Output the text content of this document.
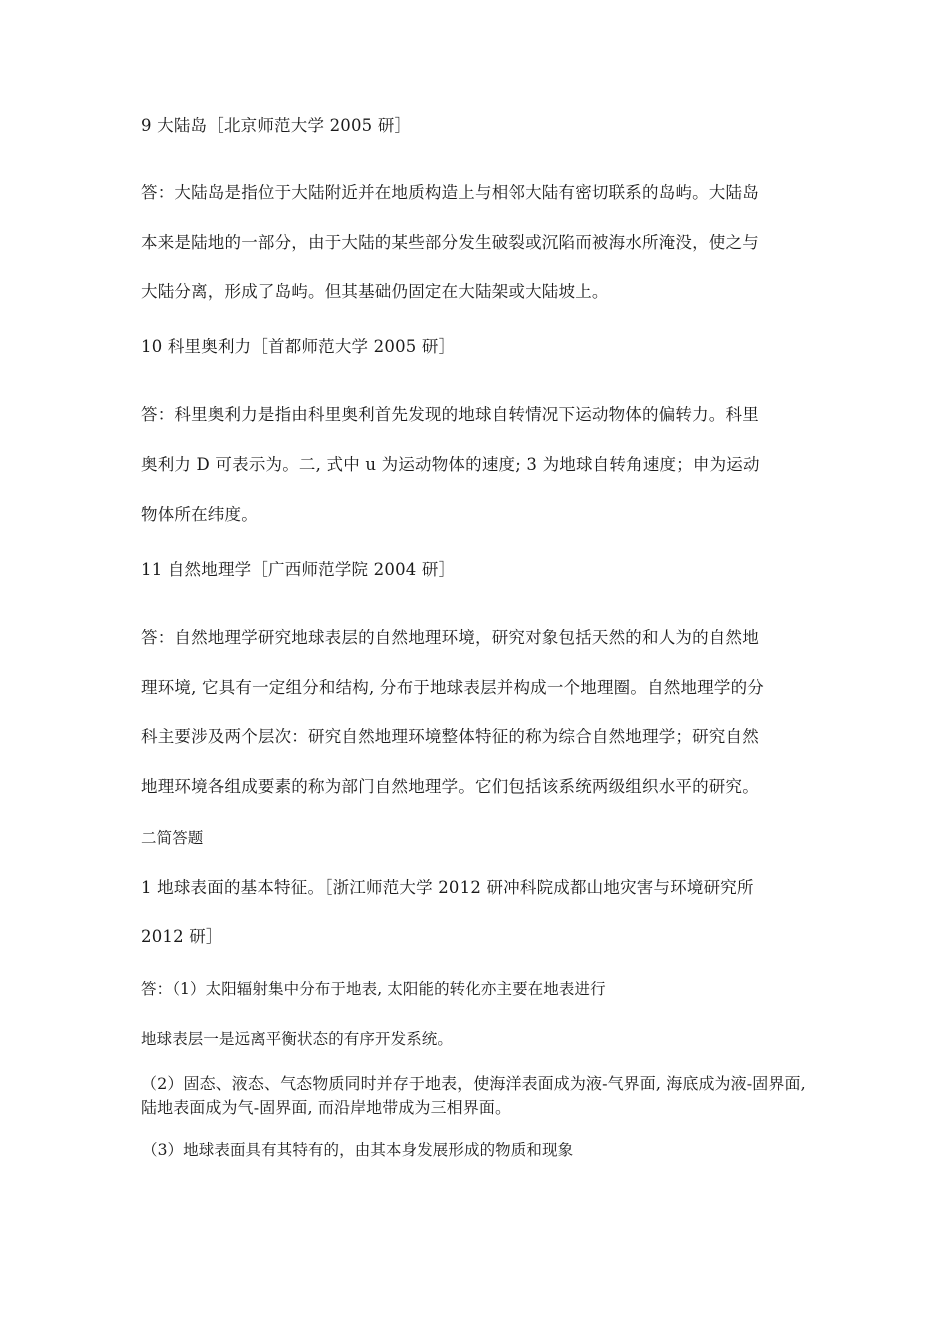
9 大陆岛［北京师范大学 2005 研］
答：大陆岛是指位于大陆附近并在地质构造上与相邻大陆有密切联系的岛屿。大陆岛
本来是陆地的一部分，由于大陆的某些部分发生破裂或沉陷而被海水所淹没，使之与
大陆分离，形成了岛屿。但其基础仍固定在大陆架或大陆坡上。
10 科里奥利力［首都师范大学 2005 研］
答：科里奥利力是指由科里奥利首先发现的地球自转情况下运动物体的偏转力。科里
奥利力 D 可表示为。二, 式中 u 为运动物体的速度; 3 为地球自转角速度；申为运动
物体所在纬度。
11 自然地理学［广西师范学院 2004 研］
答：自然地理学研究地球表层的自然地理环境，研究对象包括天然的和人为的自然地
理环境, 它具有一定组分和结构, 分布于地球表层并构成一个地理圈。自然地理学的分
科主要涉及两个层次：研究自然地理环境整体特征的称为综合自然地理学；研究自然
地理环境各组成要素的称为部门自然地理学。它们包括该系统两级组织水平的研究。
二简答题
1 地球表面的基本特征。［浙江师范大学 2012 研冲科院成都山地灾害与环境研究所
2012 研］
答：（1）太阳辐射集中分布于地表, 太阳能的转化亦主要在地表进行
地球表层一是远离平衡状态的有序开发系统。
（2）固态、液态、气态物质同时并存于地表，使海洋表面成为液-气界面, 海底成为液-固界面, 陆地表面成为气-固界面, 而沿岸地带成为三相界面。
（3）地球表面具有其特有的，由其本身发展形成的物质和现象
